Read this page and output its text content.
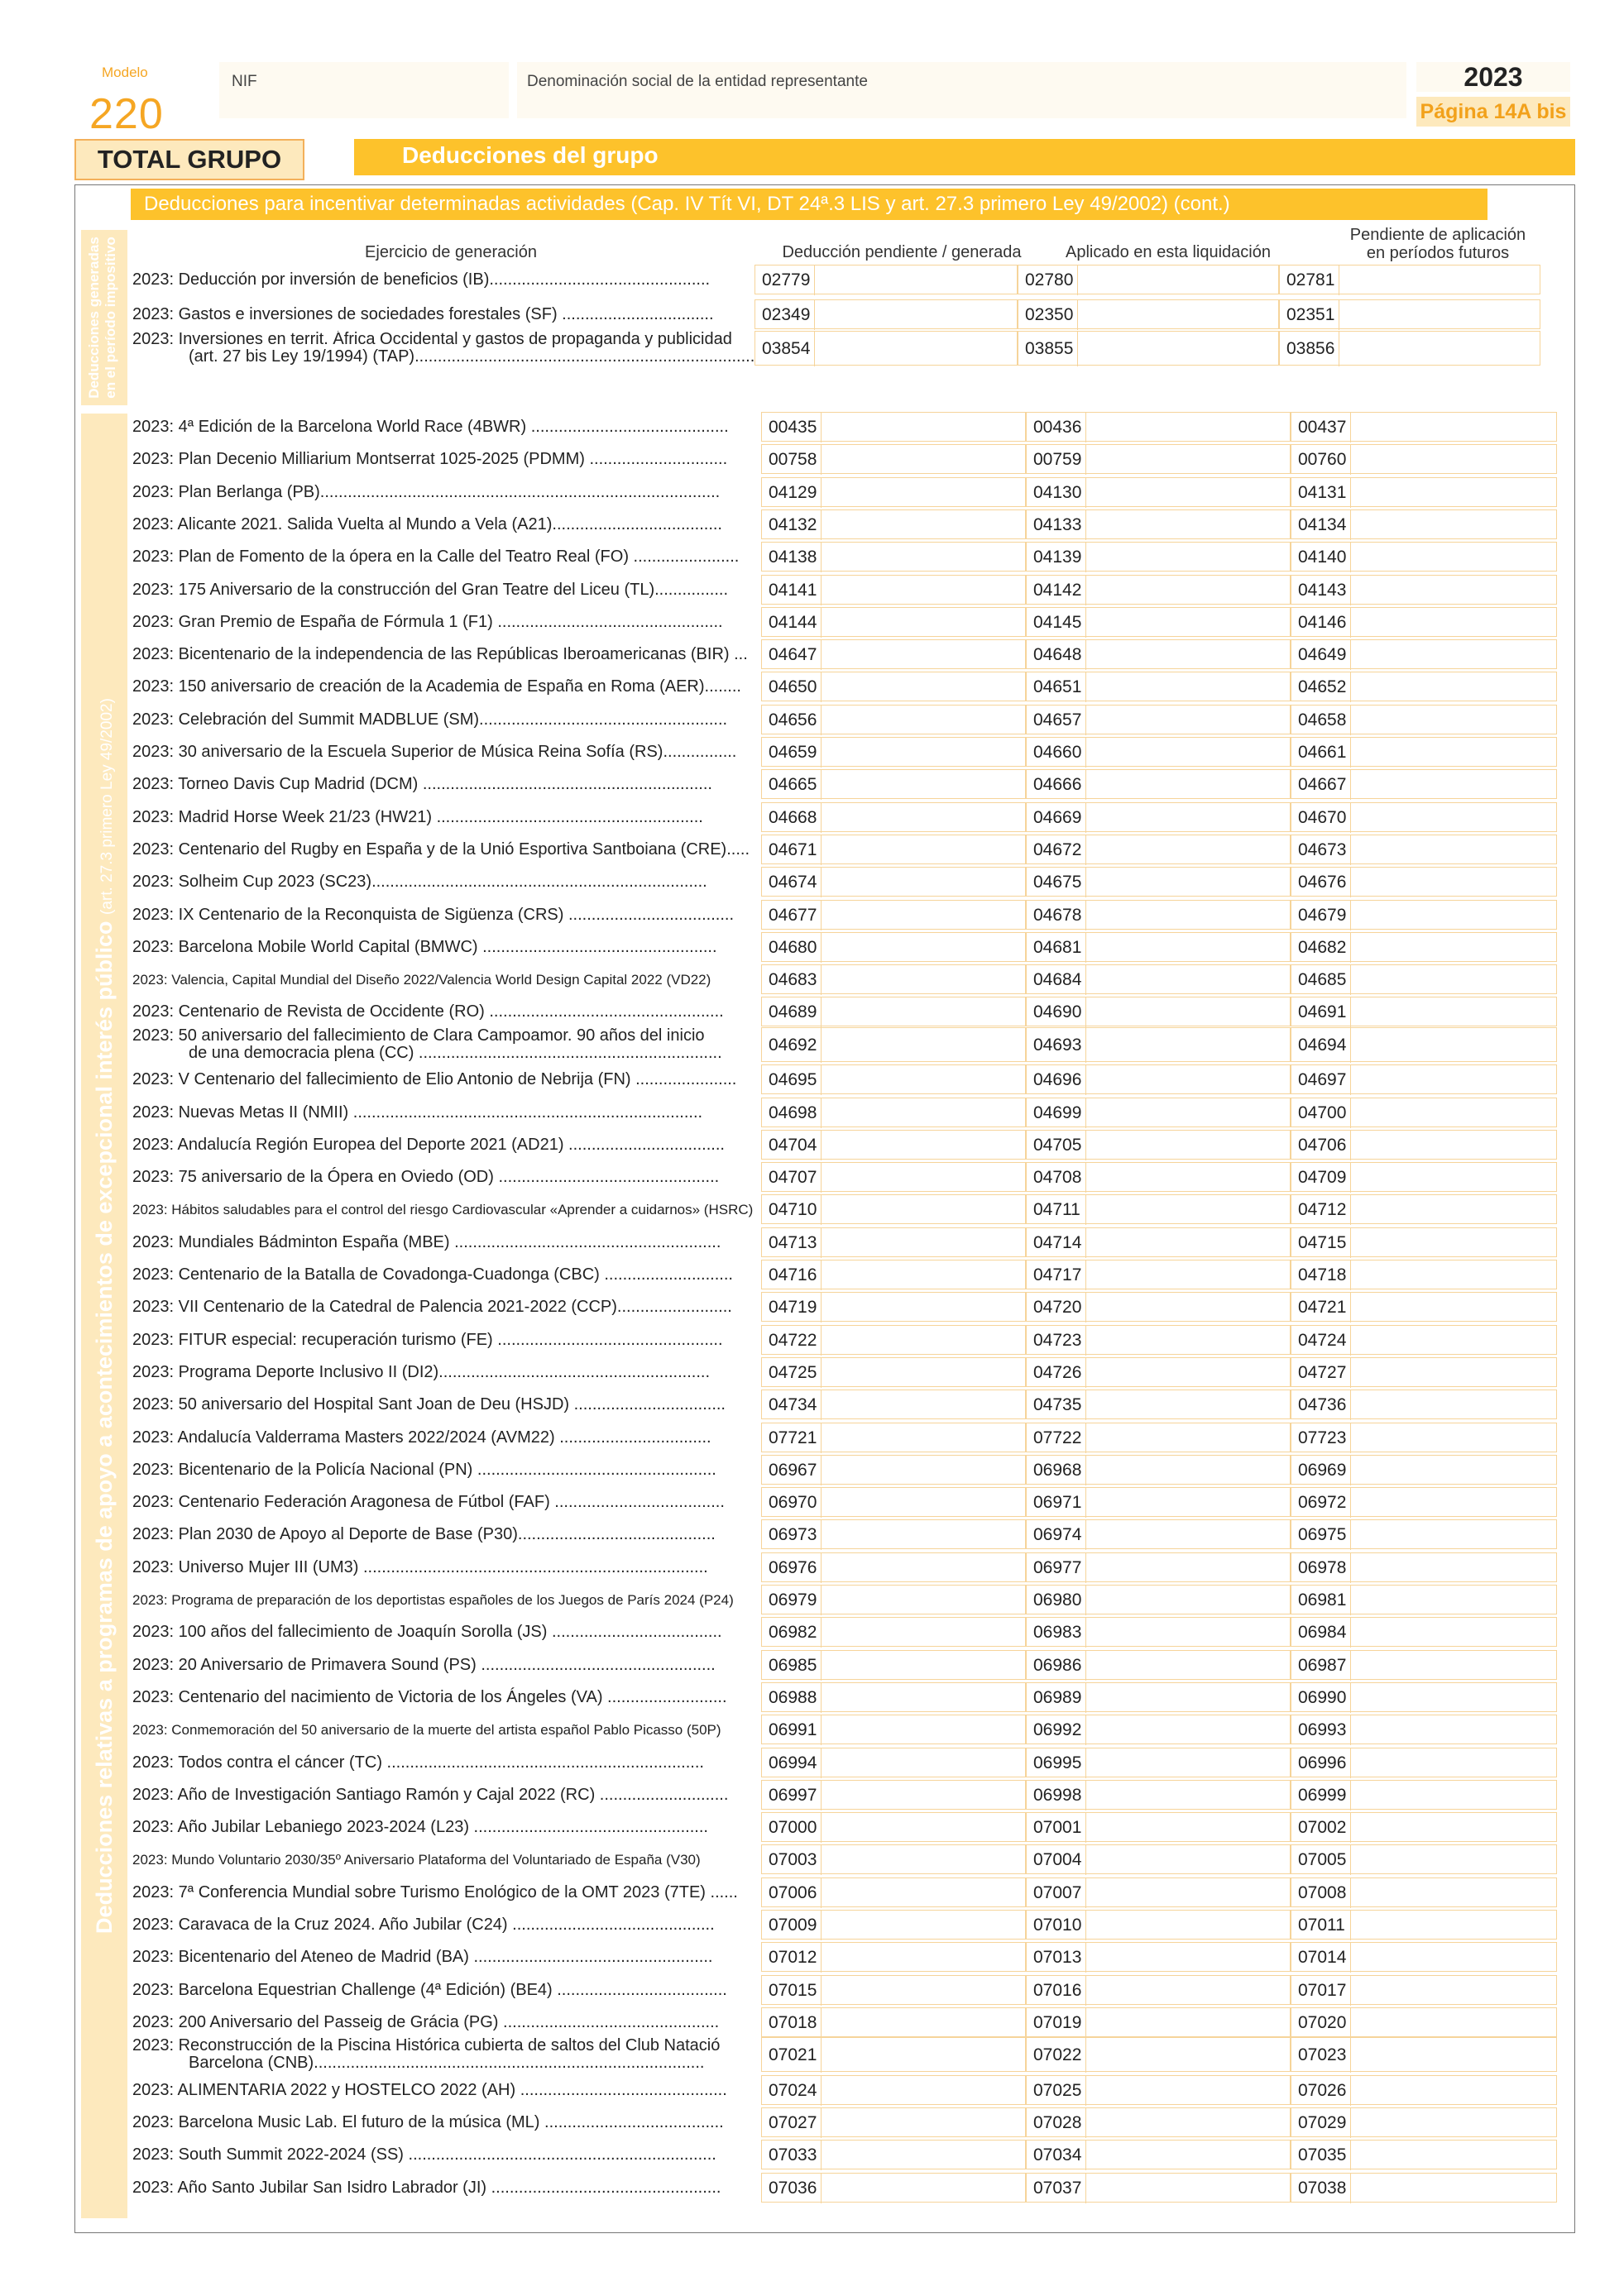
Modelo
220
NIF	Denominación social de la entidad representante	2023
Página 14A bis
TOTAL GRUPO	Deducciones del grupo
Deducciones para incentivar determinadas actividades (Cap. IV Tít VI, DT 24ª.3 LIS y art. 27.3 primero Ley 49/2002) (cont.)
Ejercicio de generación	Deducción pendiente / generada	Aplicado en esta liquidación
Pendiente de aplicación
en períodos futuros
Deducciones generadas en el período impositivo
Deducciones relativas a programas de apoyo a acontecimientos de excepcional interés público (art. 27.3 primero Ley 49/2002)
2023: Deducción por inversión de beneficios (IB)................................................	02779	02780	02781
2023: Gastos e inversiones de sociedades forestales (SF) .................................	02349	02350	02351
2023: Inversiones en territ. África Occidental y gastos de propaganda y publicidad
(art. 27 bis Ley 19/1994) (TAP).......................................................................... 03854	03855	03856
2023: 4ª Edición de la Barcelona World Race (4BWR) ...........................................	00435	00436	00437
2023: Plan Decenio Milliarium Montserrat 1025-2025 (PDMM) ..............................	00758	00759	00760
2023: Plan Berlanga (PB).......................................................................................	04129	04130	04131
2023: Alicante 2021. Salida Vuelta al Mundo a Vela (A21).....................................	04132	04133	04134
2023: Plan de Fomento de la ópera en la Calle del Teatro Real (FO) .......................	04138	04139	04140
2023: 175 Aniversario de la construcción del Gran Teatre del Liceu (TL)................	04141	04142	04143
2023: Gran Premio de España de Fórmula 1 (F1) .................................................	04144	04145	04146
2023: Bicentenario de la independencia de las Repúblicas Iberoamericanas (BIR) ...	04647	04648	04649
2023: 150 aniversario de creación de la Academia de España en Roma (AER)........	04650	04651	04652
2023: Celebración del Summit MADBLUE (SM)......................................................	04656	04657	04658
2023: 30 aniversario de la Escuela Superior de Música Reina Sofía (RS)................	04659	04660	04661
2023: Torneo Davis Cup Madrid (DCM) ...............................................................	04665	04666	04667
2023: Madrid Horse Week 21/23 (HW21) ..........................................................	04668	04669	04670
2023: Centenario del Rugby en España y de la Unió Esportiva Santboiana (CRE).....	04671	04672	04673
2023: Solheim Cup 2023 (SC23).........................................................................	04674	04675	04676
2023: IX Centenario de la Reconquista de Sigüenza (CRS) ....................................	04677	04678	04679
2023: Barcelona Mobile World Capital (BMWC) ...................................................	04680	04681	04682
2023: Valencia, Capital Mundial del Diseño 2022/Valencia World Design Capital 2022 (VD22)	04683	04684	04685
2023: Centenario de Revista de Occidente (RO) ...................................................	04689	04690	04691
2023: 50 aniversario del fallecimiento de Clara Campoamor. 90 años del inicio
de una democracia plena (CC) ..................................................................	04692	04693	04694
2023: V Centenario del fallecimiento de Elio Antonio de Nebrija (FN) ......................	04695	04696	04697
2023: Nuevas Metas II (NMII) ............................................................................	04698	04699	04700
2023: Andalucía Región Europea del Deporte 2021 (AD21) ..................................	04704	04705	04706
2023: 75 aniversario de la Ópera en Oviedo (OD) ................................................	04707	04708	04709
2023: Hábitos saludables para el control del riesgo Cardiovascular «Aprender a cuidarnos» (HSRC) 04710	04711	04712
2023: Mundiales Bádminton España (MBE) ..........................................................	04713	04714	04715
2023: Centenario de la Batalla de Covadonga-Cuadonga (CBC) ............................	04716	04717	04718
2023: VII Centenario de la Catedral de Palencia 2021-2022 (CCP).........................	04719	04720	04721
2023: FITUR especial: recuperación turismo (FE) .................................................	04722	04723	04724
2023: Programa Deporte Inclusivo II (DI2)...........................................................	04725	04726	04727
2023: 50 aniversario del Hospital Sant Joan de Deu (HSJD) .................................	04734	04735	04736
2023: Andalucía Valderrama Masters 2022/2024 (AVM22) .................................	07721	07722	07723
2023: Bicentenario de la Policía Nacional (PN) ....................................................	06967	06968	06969
2023: Centenario Federación Aragonesa de Fútbol (FAF) .....................................	06970	06971	06972
2023: Plan 2030 de Apoyo al Deporte de Base (P30)...........................................	06973	06974	06975
2023: Universo Mujer III (UM3) ...........................................................................	06976	06977	06978
2023: Programa de preparación de los deportistas españoles de los Juegos de París 2024 (P24)	06979	06980	06981
2023: 100 años del fallecimiento de Joaquín Sorolla (JS) .....................................	06982	06983	06984
2023: 20 Aniversario de Primavera Sound (PS) ...................................................	06985	06986	06987
2023: Centenario del nacimiento de Victoria de los Ángeles (VA) ..........................	06988	06989	06990
2023: Conmemoración del 50 aniversario de la muerte del artista español Pablo Picasso (50P)	06991	06992	06993
2023: Todos contra el cáncer (TC) .....................................................................	06994	06995	06996
2023: Año de Investigación Santiago Ramón y Cajal 2022 (RC) ............................	06997	06998	06999
2023: Año Jubilar Lebaniego 2023-2024 (L23) ...................................................	07000	07001	07002
2023: Mundo Voluntario 2030/35º Aniversario Plataforma del Voluntariado de España (V30)	07003	07004	07005
2023: 7ª Conferencia Mundial sobre Turismo Enológico de la OMT 2023 (7TE) ......	07006	07007	07008
2023: Caravaca de la Cruz 2024. Año Jubilar (C24) ............................................	07009	07010	07011
2023: Bicentenario del Ateneo de Madrid (BA) ....................................................	07012	07013	07014
2023: Barcelona Equestrian Challenge (4ª Edición) (BE4) .....................................	07015	07016	07017
2023: 200 Aniversario del Passeig de Grácia (PG) ...............................................	07018	07019	07020
2023: Reconstrucción de la Piscina Histórica cubierta de saltos del Club Natació
Barcelona (CNB).....................................................................................	07021	07022	07023
2023: ALIMENTARIA 2022 y HOSTELCO 2022 (AH) .............................................	07024	07025	07026
2023: Barcelona Music Lab. El futuro de la música (ML) .......................................	07027	07028	07029
2023: South Summit 2022-2024 (SS) ...................................................................	07033	07034	07035
2023: Año Santo Jubilar San Isidro Labrador (JI) ..................................................	07036	07037	07038
